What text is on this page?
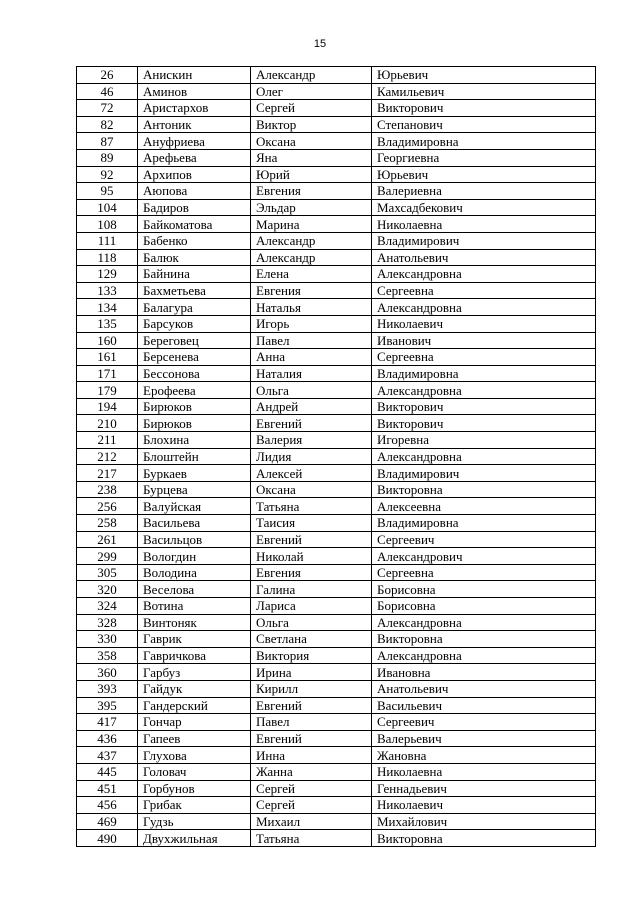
15
26	Анискин	Александр	Юрьевич
46	Аминов	Олег	Камильевич
72	Аристархов	Сергей	Викторович
82	Антоник	Виктор	Степанович
87	Ануфриева	Оксана	Владимировна
89	Арефьева	Яна	Георгиевна
92	Архипов	Юрий	Юрьевич
95	Аюпова	Евгения	Валериевна
104	Бадиров	Эльдар	Махсадбекович
108	Байкоматова	Марина	Николаевна
111	Бабенко	Александр	Владимирович
118	Балюк	Александр	Анатольевич
129	Байнина	Елена	Александровна
133	Бахметьева	Евгения	Сергеевна
134	Балагура	Наталья	Александровна
135	Барсуков	Игорь	Николаевич
160	Береговец	Павел	Иванович
161	Берсенева	Анна	Сергеевна
171	Бессонова	Наталия	Владимировна
179	Ерофеева	Ольга	Александровна
194	Бирюков	Андрей	Викторович
210	Бирюков	Евгений	Викторович
211	Блохина	Валерия	Игоревна
212	Блоштейн	Лидия	Александровна
217	Буркаев	Алексей	Владимирович
238	Бурцева	Оксана	Викторовна
256	Валуйская	Татьяна	Алексеевна
258	Васильева	Таисия	Владимировна
261	Васильцов	Евгений	Сергеевич
299	Вологдин	Николай	Александрович
305	Володина	Евгения	Сергеевна
320	Веселова	Галина	Борисовна
324	Вотина	Лариса	Борисовна
328	Винтоняк	Ольга	Александровна
330	Гаврик	Светлана	Викторовна
358	Гавричкова	Виктория	Александровна
360	Гарбуз	Ирина	Ивановна
393	Гайдук	Кирилл	Анатольевич
395	Гандерский	Евгений	Васильевич
417	Гончар	Павел	Сергеевич
436	Гапеев	Евгений	Валерьевич
437	Глухова	Инна	Жановна
445	Головач	Жанна	Николаевна
451	Горбунов	Сергей	Геннадьевич
456	Грибак	Сергей	Николаевич
469	Гудзь	Михаил	Михайлович
490	Двухжильная	Татьяна	Викторовна
